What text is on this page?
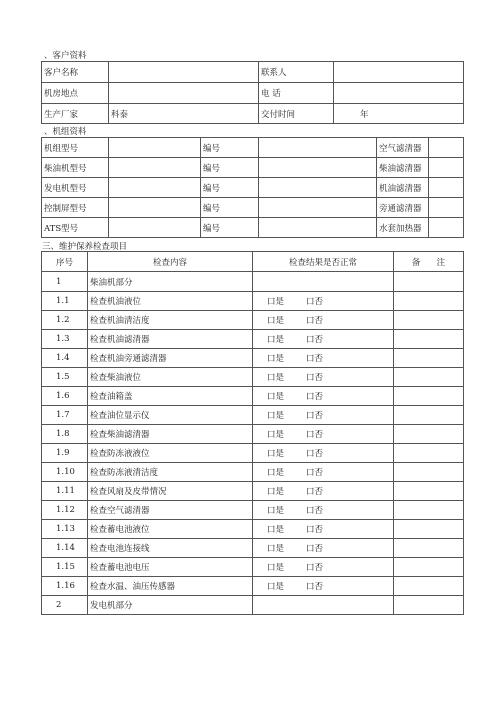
、客户资料
客户名称		联系人	
机房地点		电 话	
生产厂家	科泰	交付时间	年
、机组资料
机组型号		编号		空气滤清器	
柴油机型号		编号		柴油滤清器	
发电机型号		编号		机油滤清器	
控制屏型号		编号		旁通滤清器	
ATS型号		编号		水套加热器	
三、维护保养检查项目
序号	检查内容	检查结果是否正常	备      注
1	柴油机部分		
1.1	检查机油液位	口是 口否	
1.2	检查机油清洁度	口是 口否	
1.3	检查机油滤清器	口是 口否	
1.4	检查机油旁通滤清器	口是 口否	
1.5	检查柴油液位	口是 口否	
1.6	检查油箱盖	口是 口否	
1.7	检查油位显示仪	口是 口否	
1.8	检查柴油滤清器	口是 口否	
1.9	检查防冻液液位	口是 口否	
1.10	检查防冻液清洁度	口是 口否	
1.11	检查风扇及皮带情况	口是 口否	
1.12	检查空气滤清器	口是 口否	
1.13	检查蓄电池液位	口是 口否	
1.14	检查电池连接线	口是 口否	
1.15	检查蓄电池电压	口是 口否	
1.16	检查水温、油压传感器	口是 口否	
2	发电机部分		
